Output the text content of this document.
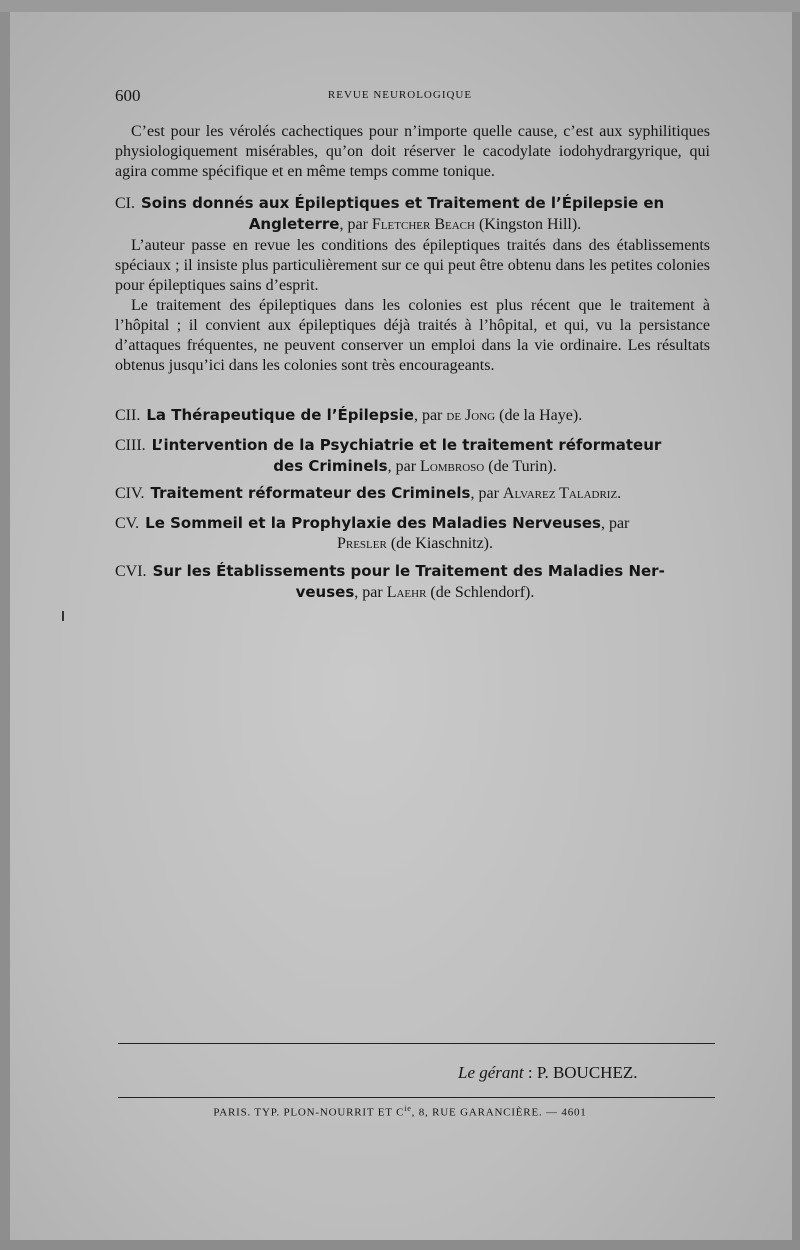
600	REVUE NEUROLOGIQUE

C’est pour les vérolés cachectiques pour n’importe quelle cause, c’est aux syphilitiques physiologiquement misérables, qu’on doit réserver le cacodylate iodohydrargyrique, qui agira comme spécifique et en même temps comme tonique.

CI. Soins donnés aux Épileptiques et Traitement de l’Épilepsie en
Angleterre, par Fletcher Beach (Kingston Hill).

L’auteur passe en revue les conditions des épileptiques traités dans des établissements spéciaux ; il insiste plus particulièrement sur ce qui peut être obtenu dans les petites colonies pour épileptiques sains d’esprit.

Le traitement des épileptiques dans les colonies est plus récent que le traitement à l’hôpital ; il convient aux épileptiques déjà traités à l’hôpital, et qui, vu la persistance d’attaques fréquentes, ne peuvent conserver un emploi dans la vie ordinaire. Les résultats obtenus jusqu’ici dans les colonies sont très encourageants.

CII. La Thérapeutique de l’Épilepsie, par de Jong (de la Haye).
CIII. L’intervention de la Psychiatrie et le traitement réformateur
des Criminels, par Lombroso (de Turin).
CIV. Traitement réformateur des Criminels, par Alvarez Taladriz.
CV. Le Sommeil et la Prophylaxie des Maladies Nerveuses, par
Presler (de Kiaschnitz).
CVI. Sur les Établissements pour le Traitement des Maladies Ner-
veuses, par Laehr (de Schlendorf).
Le gérant : P. BOUCHEZ.
PARIS. TYP. PLON-NOURRIT ET $C^{ie}$, 8, RUE GARANCIÈRE. — 4601
